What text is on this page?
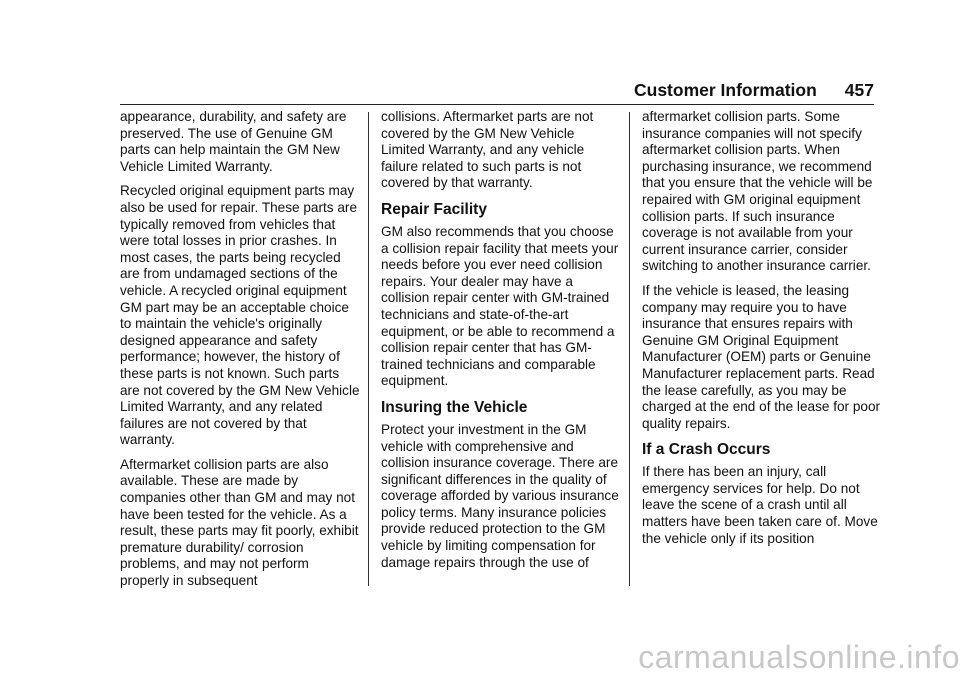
Customer Information 457

appearance, durability, and safety are preserved. The use of Genuine GM parts can help maintain the GM New Vehicle Limited Warranty.

Recycled original equipment parts may also be used for repair. These parts are typically removed from vehicles that were total losses in prior crashes. In most cases, the parts being recycled are from undamaged sections of the vehicle. A recycled original equipment GM part may be an acceptable choice to maintain the vehicle's originally designed appearance and safety performance; however, the history of these parts is not known. Such parts are not covered by the GM New Vehicle Limited Warranty, and any related failures are not covered by that warranty.

Aftermarket collision parts are also available. These are made by companies other than GM and may not have been tested for the vehicle. As a result, these parts may fit poorly, exhibit premature durability/ corrosion problems, and may not perform properly in subsequent

collisions. Aftermarket parts are not covered by the GM New Vehicle Limited Warranty, and any vehicle failure related to such parts is not covered by that warranty.

Repair Facility

GM also recommends that you choose a collision repair facility that meets your needs before you ever need collision repairs. Your dealer may have a collision repair center with GM-trained technicians and state-of-the-art equipment, or be able to recommend a collision repair center that has GM-trained technicians and comparable equipment.

Insuring the Vehicle

Protect your investment in the GM vehicle with comprehensive and collision insurance coverage. There are significant differences in the quality of coverage afforded by various insurance policy terms. Many insurance policies provide reduced protection to the GM vehicle by limiting compensation for damage repairs through the use of

aftermarket collision parts. Some insurance companies will not specify aftermarket collision parts. When purchasing insurance, we recommend that you ensure that the vehicle will be repaired with GM original equipment collision parts. If such insurance coverage is not available from your current insurance carrier, consider switching to another insurance carrier.

If the vehicle is leased, the leasing company may require you to have insurance that ensures repairs with Genuine GM Original Equipment Manufacturer (OEM) parts or Genuine Manufacturer replacement parts. Read the lease carefully, as you may be charged at the end of the lease for poor quality repairs.

If a Crash Occurs

If there has been an injury, call emergency services for help. Do not leave the scene of a crash until all matters have been taken care of. Move the vehicle only if its position

carmanualsonline.info
